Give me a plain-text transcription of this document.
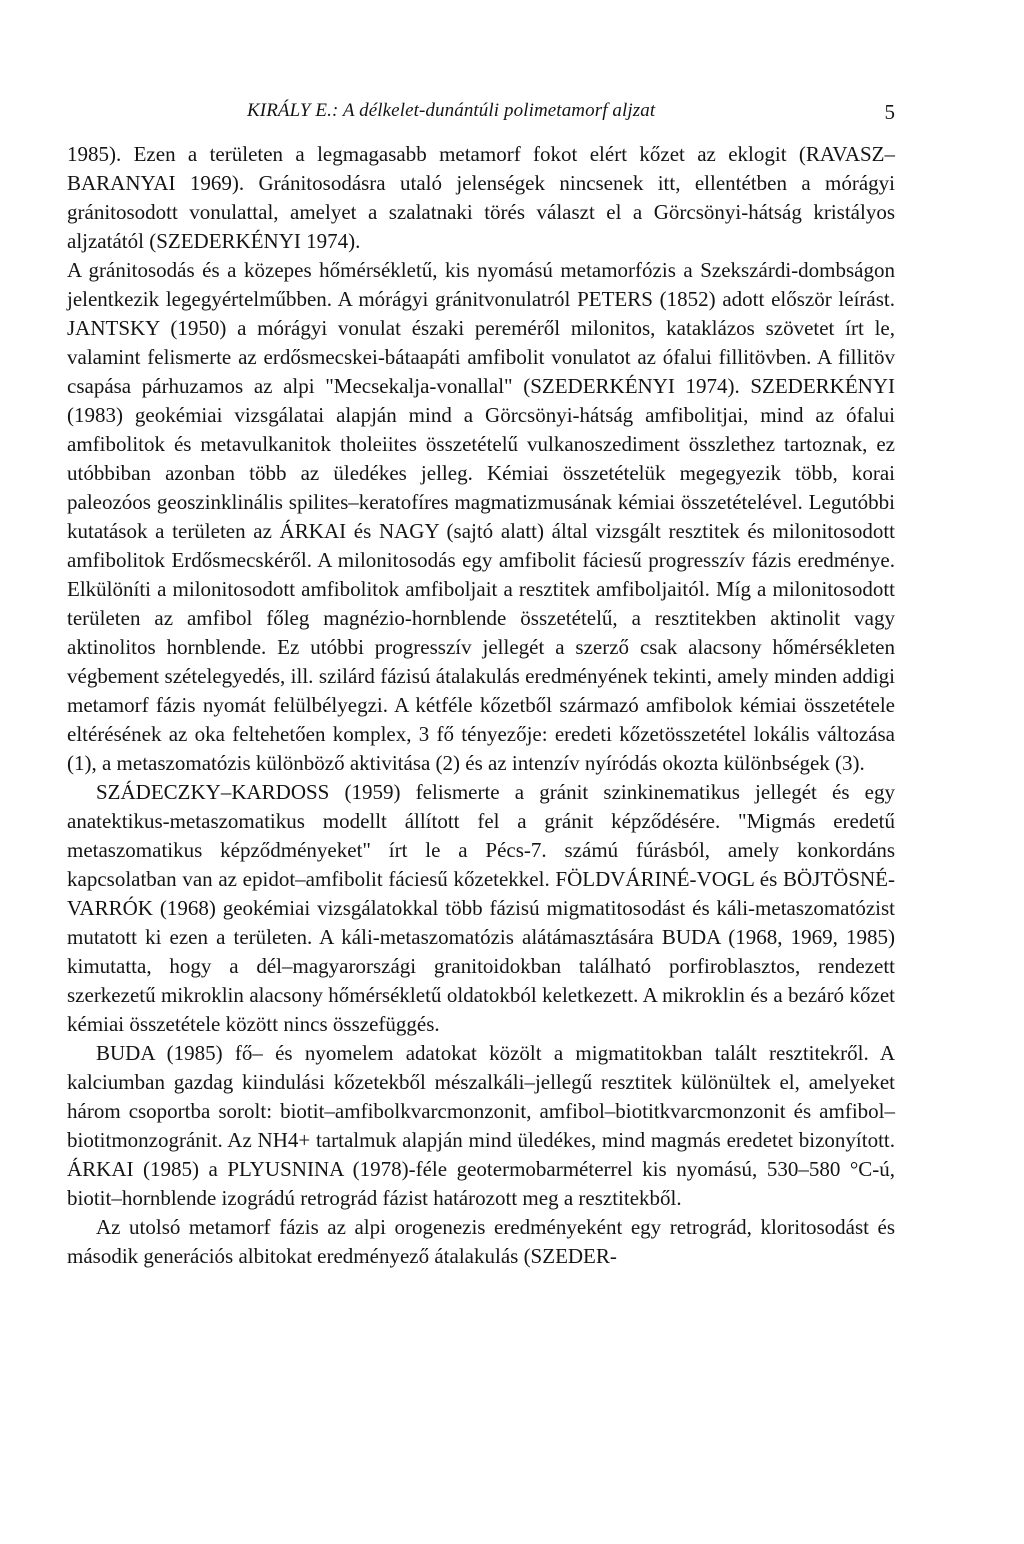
KIRÁLY E.: A délkelet-dunántúli polimetamorf aljzat	5

1985). Ezen a területen a legmagasabb metamorf fokot elért kőzet az eklogit (RAVASZ–BARANYAI 1969). Gránitosodásra utaló jelenségek nincsenek itt, ellentétben a mórágyi gránitosodott vonulattal, amelyet a szalatnaki törés választ el a Görcsönyi-hátság kristályos aljzatától (SZEDERKÉNYI 1974).

A gránitosodás és a közepes hőmérsékletű, kis nyomású metamorfózis a Szekszárdi-dombságon jelentkezik legegyértelműbben. A mórágyi gránitvonulatról PETERS (1852) adott először leírást. JANTSKY (1950) a mórágyi vonulat északi pereméről milonitos, kataklázos szövetet írt le, valamint felismerte az erdősmecskei-bátaapáti amfibolit vonulatot az ófalui fillitövben. A fillitöv csapása párhuzamos az alpi "Mecsekalja-vonallal" (SZEDERKÉNYI 1974). SZEDERKÉNYI (1983) geokémiai vizsgálatai alapján mind a Görcsönyi-hátság amfibolitjai, mind az ófalui amfibolitok és metavulkanitok tholeiites összetételű vulkanoszediment összlethez tartoznak, ez utóbbiban azonban több az üledékes jelleg. Kémiai összetételük megegyezik több, korai paleozóos geoszinklinális spilites–keratofíres magmatizmusának kémiai összetételével. Legutóbbi kutatások a területen az ÁRKAI és NAGY (sajtó alatt) által vizsgált resztitek és milonitosodott amfibolitok Erdősmecskéről. A milonitosodás egy amfibolit fáciesű progresszív fázis eredménye. Elkülöníti a milonitosodott amfibolitok amfiboljait a resztitek amfiboljaitól. Míg a milonitosodott területen az amfibol főleg magnézio-hornblende összetételű, a resztitekben aktinolit vagy aktinolitos hornblende. Ez utóbbi progresszív jellegét a szerző csak alacsony hőmérsékleten végbement szételegyedés, ill. szilárd fázisú átalakulás eredményének tekinti, amely minden addigi metamorf fázis nyomát felülbélyegzi. A kétféle kőzetből származó amfibolok kémiai összetétele eltérésének az oka feltehetően komplex, 3 fő tényezője: eredeti kőzetösszetétel lokális változása (1), a metaszomatózis különböző aktivitása (2) és az intenzív nyíródás okozta különbségek (3).

SZÁDECZKY–KARDOSS (1959) felismerte a gránit szinkinematikus jellegét és egy anatektikus-metaszomatikus modellt állított fel a gránit képződésére. "Migmás eredetű metaszomatikus képződményeket" írt le a Pécs-7. számú fúrásból, amely konkordáns kapcsolatban van az epidot–amfibolit fáciesű kőzetekkel. FÖLDVÁRINÉ-VOGL és BÖJTÖSNÉ-VARRÓK (1968) geokémiai vizsgálatokkal több fázisú migmatitosodást és káli-metaszomatózist mutatott ki ezen a területen. A káli-metaszomatózis alátámasztására BUDA (1968, 1969, 1985) kimutatta, hogy a dél–magyarországi granitoidokban található porfiroblasztos, rendezett szerkezetű mikroklin alacsony hőmérsékletű oldatokból keletkezett. A mikroklin és a bezáró kőzet kémiai összetétele között nincs összefüggés.

BUDA (1985) fő– és nyomelem adatokat közölt a migmatitokban talált resztitekről. A kalciumban gazdag kiindulási kőzetekből mészalkáli–jellegű resztitek különültek el, amelyeket három csoportba sorolt: biotit–amfibolkvarcmonzonit, amfibol–biotitkvarcmonzonit és amfibol–biotitmonzogránit. Az NH4+ tartalmuk alapján mind üledékes, mind magmás eredetet bizonyított. ÁRKAI (1985) a PLYUSNINA (1978)-féle geotermobarméterrel kis nyomású, 530–580 °C-ú, biotit–hornblende izográdú retrográd fázist határozott meg a resztitekből.

Az utolsó metamorf fázis az alpi orogenezis eredményeként egy retrográd, kloritosodást és második generációs albitokat eredményező átalakulás (SZEDER-
